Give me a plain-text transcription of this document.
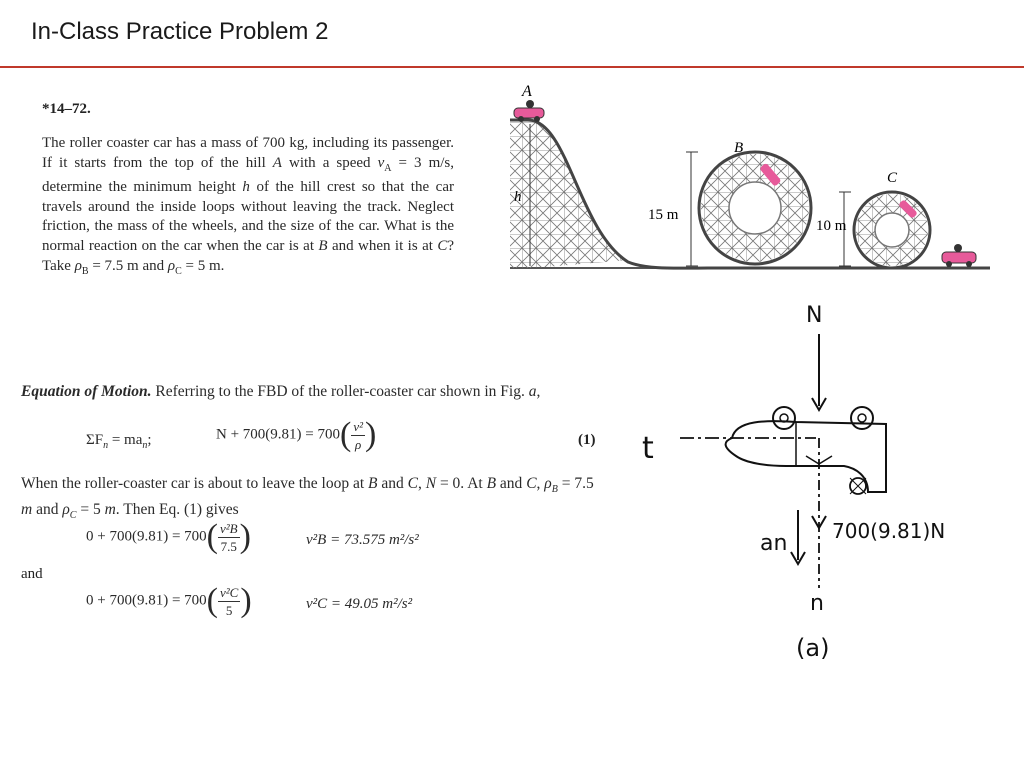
In-Class Practice Problem 2
*14–72.
The roller coaster car has a mass of 700 kg, including its passenger. If it starts from the top of the hill A with a speed $v_A = 3$ m/s, determine the minimum height h of the hill crest so that the car travels around the inside loops without leaving the track. Neglect friction, the mass of the wheels, and the size of the car. What is the normal reaction on the car when the car is at B and when it is at C? Take $\rho_B = 7.5$ m and $\rho_C = 5$ m.
A
B
C
h
15 m
10 m
Equation of Motion. Referring to the FBD of the roller-coaster car shown in Fig. a,
$\Sigma F_n = ma_n$;	$N + 700(9.81) = 700( \frac{\text{v²}}{\rho}$ )	(1)
When the roller-coaster car is about to leave the loop at B and C, N = 0. At B and C, $\rho_B = 7.5$ m and $\rho_C = 5$ m. Then Eq. (1) gives
$0 + 700(9.81) = 700( \frac{\text{v²B}}{7.5}$ )	v²B = 73.575 m²/s²
and
$0 + 700(9.81) = 700( \frac{\text{v²C}}{5}$ )	v²C = 49.05 m²/s²
N
t
an 700(9.81)N
n
(a)
